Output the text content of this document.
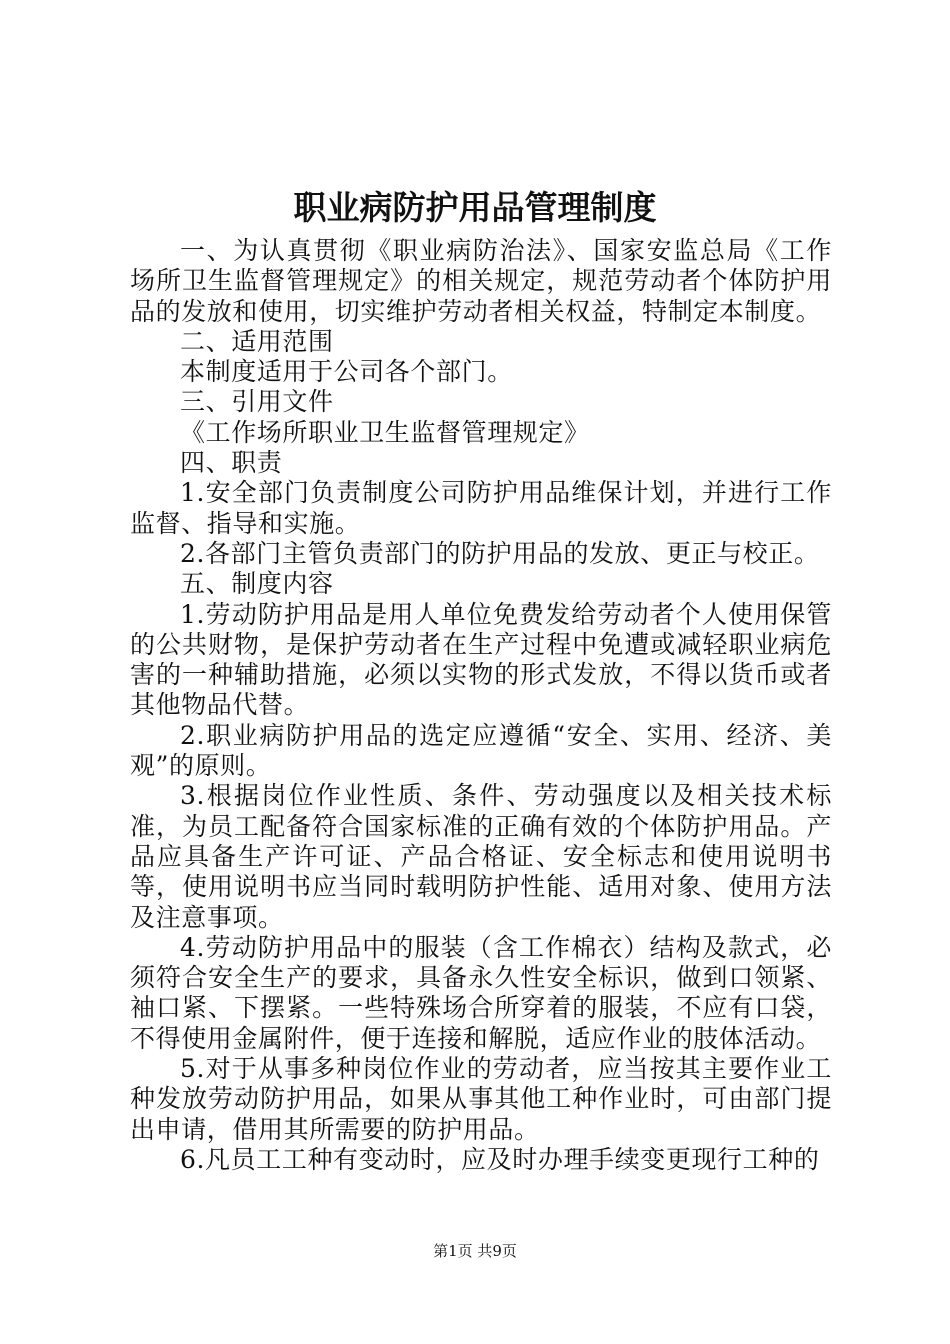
职业病防护用品管理制度

一、为认真贯彻《职业病防治法》、国家安监总局《工作场所卫生监督管理规定》的相关规定，规范劳动者个体防护用品的发放和使用，切实维护劳动者相关权益，特制定本制度。

二、适用范围

本制度适用于公司各个部门。

三、引用文件

《工作场所职业卫生监督管理规定》

四、职责

1.安全部门负责制度公司防护用品维保计划，并进行工作监督、指导和实施。

2.各部门主管负责部门的防护用品的发放、更正与校正。

五、制度内容

1.劳动防护用品是用人单位免费发给劳动者个人使用保管的公共财物，是保护劳动者在生产过程中免遭或减轻职业病危害的一种辅助措施，必须以实物的形式发放，不得以货币或者其他物品代替。

2.职业病防护用品的选定应遵循“安全、实用、经济、美观”的原则。

3.根据岗位作业性质、条件、劳动强度以及相关技术标准，为员工配备符合国家标准的正确有效的个体防护用品。产品应具备生产许可证、产品合格证、安全标志和使用说明书等，使用说明书应当同时载明防护性能、适用对象、使用方法及注意事项。

4.劳动防护用品中的服装（含工作棉衣）结构及款式，必须符合安全生产的要求，具备永久性安全标识，做到口领紧、袖口紧、下摆紧。一些特殊场合所穿着的服装，不应有口袋，不得使用金属附件，便于连接和解脱，适应作业的肢体活动。

5.对于从事多种岗位作业的劳动者，应当按其主要作业工种发放劳动防护用品，如果从事其他工种作业时，可由部门提出申请，借用其所需要的防护用品。

6.凡员工工种有变动时，应及时办理手续变更现行工种的

第1页 共9页
